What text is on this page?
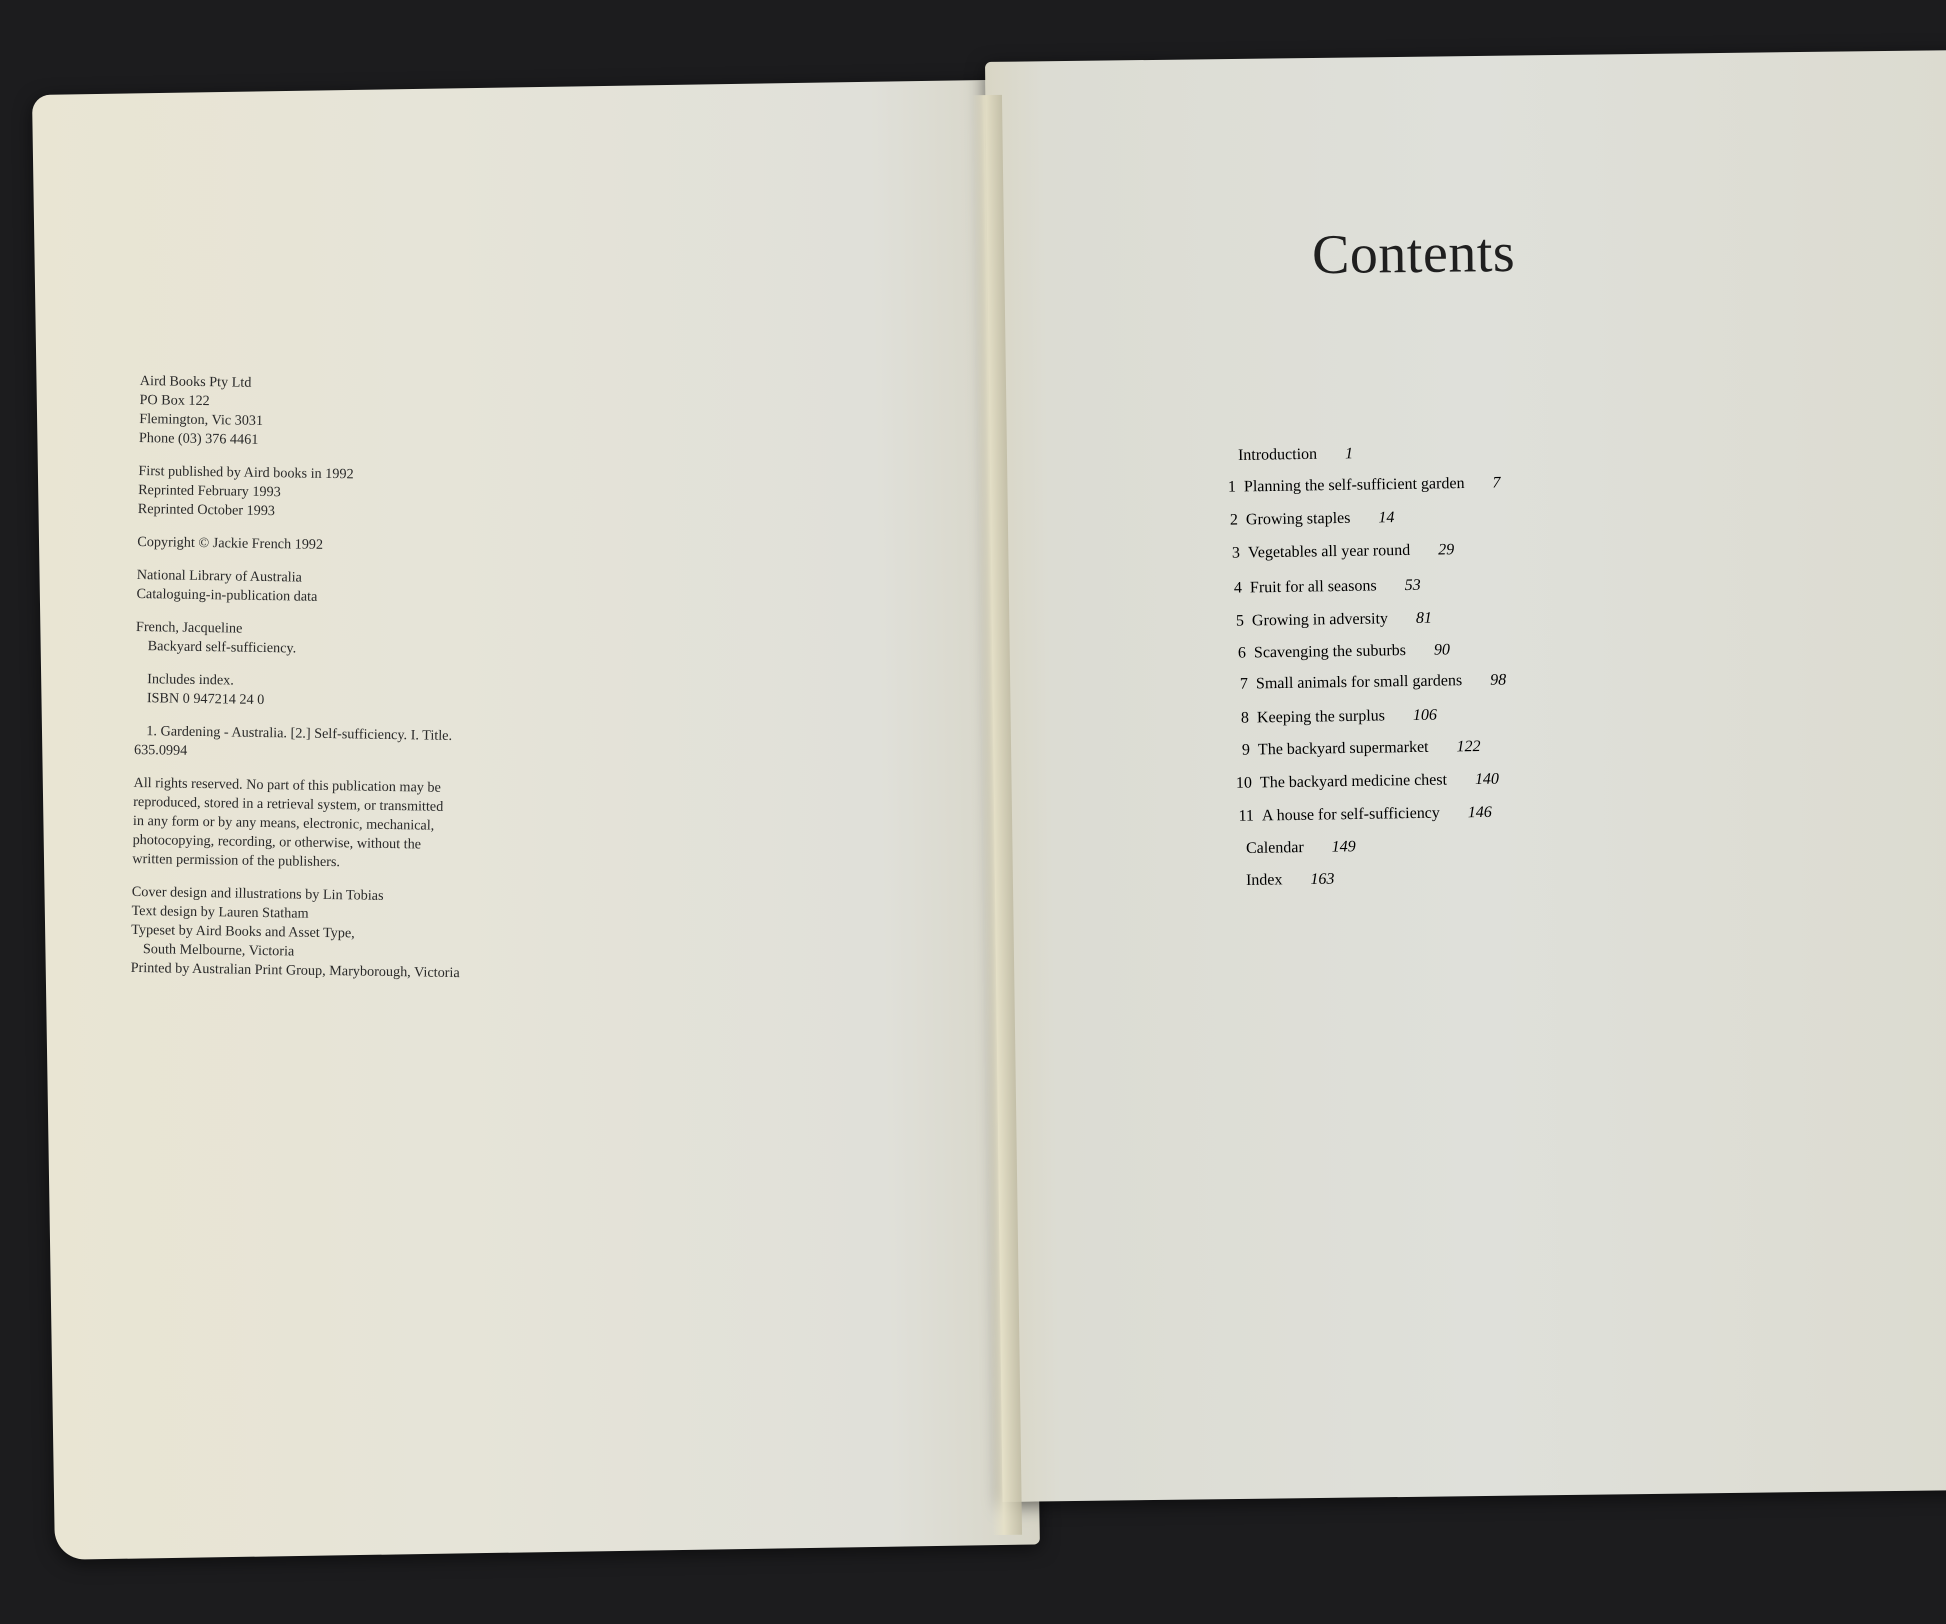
Aird Books Pty Ltd
PO Box 122
Flemington, Vic 3031
Phone (03) 376 4461
First published by Aird books in 1992
Reprinted February 1993
Reprinted October 1993
Copyright © Jackie French 1992
National Library of Australia
Cataloguing-in-publication data
French, Jacqueline
Backyard self-sufficiency.
Includes index.
ISBN 0 947214 24 0
1. Gardening - Australia. [2.] Self-sufficiency. I. Title.
635.0994
All rights reserved. No part of this publication may be
reproduced, stored in a retrieval system, or transmitted
in any form or by any means, electronic, mechanical,
photocopying, recording, or otherwise, without the
written permission of the publishers.
Cover design and illustrations by Lin Tobias
Text design by Lauren Statham
Typeset by Aird Books and Asset Type,
South Melbourne, Victoria
Printed by Australian Print Group, Maryborough, Victoria
Contents
Introduction 1
1 Planning the self-sufficient garden 7
2 Growing staples 14
3 Vegetables all year round 29
4 Fruit for all seasons 53
5 Growing in adversity 81
6 Scavenging the suburbs 90
7 Small animals for small gardens 98
8 Keeping the surplus 106
9 The backyard supermarket 122
10 The backyard medicine chest 140
11 A house for self-sufficiency 146
Calendar 149
Index 163
